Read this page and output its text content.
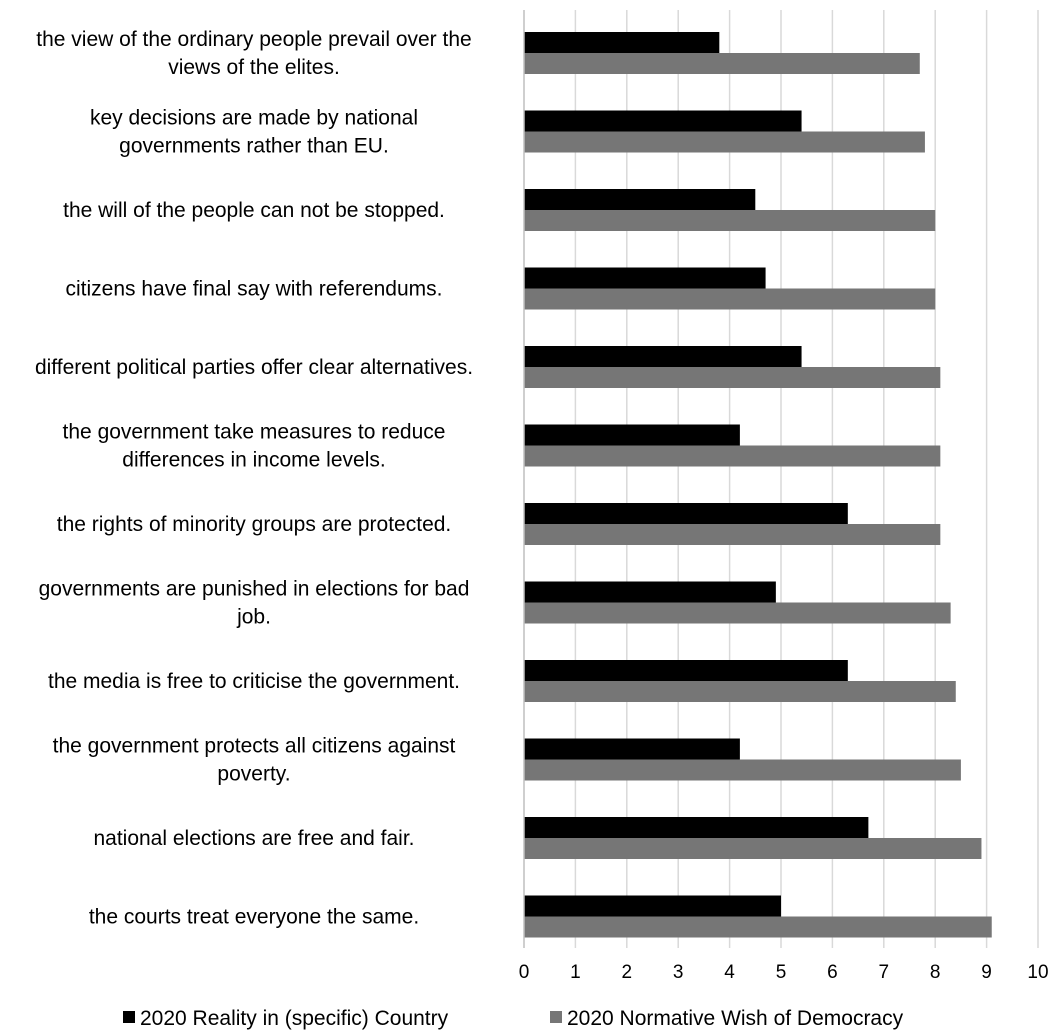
the view of the ordinary people prevail over the views of the elites.
key decisions are made by national governments rather than EU.
the will of the people can not be stopped.
citizens have final say with referendums.
different political parties offer clear alternatives.
the government take measures to reduce differences in income levels.
the rights of minority groups are protected.
governments are punished in elections for bad job.
the media is free to criticise the government.
the government protects all citizens against poverty.
national elections are free and fair.
the courts treat everyone the same.
0 1 2 3 4 5 6 7 8 9 10
2020 Reality in (specific) Country	2020 Normative Wish of Democracy
